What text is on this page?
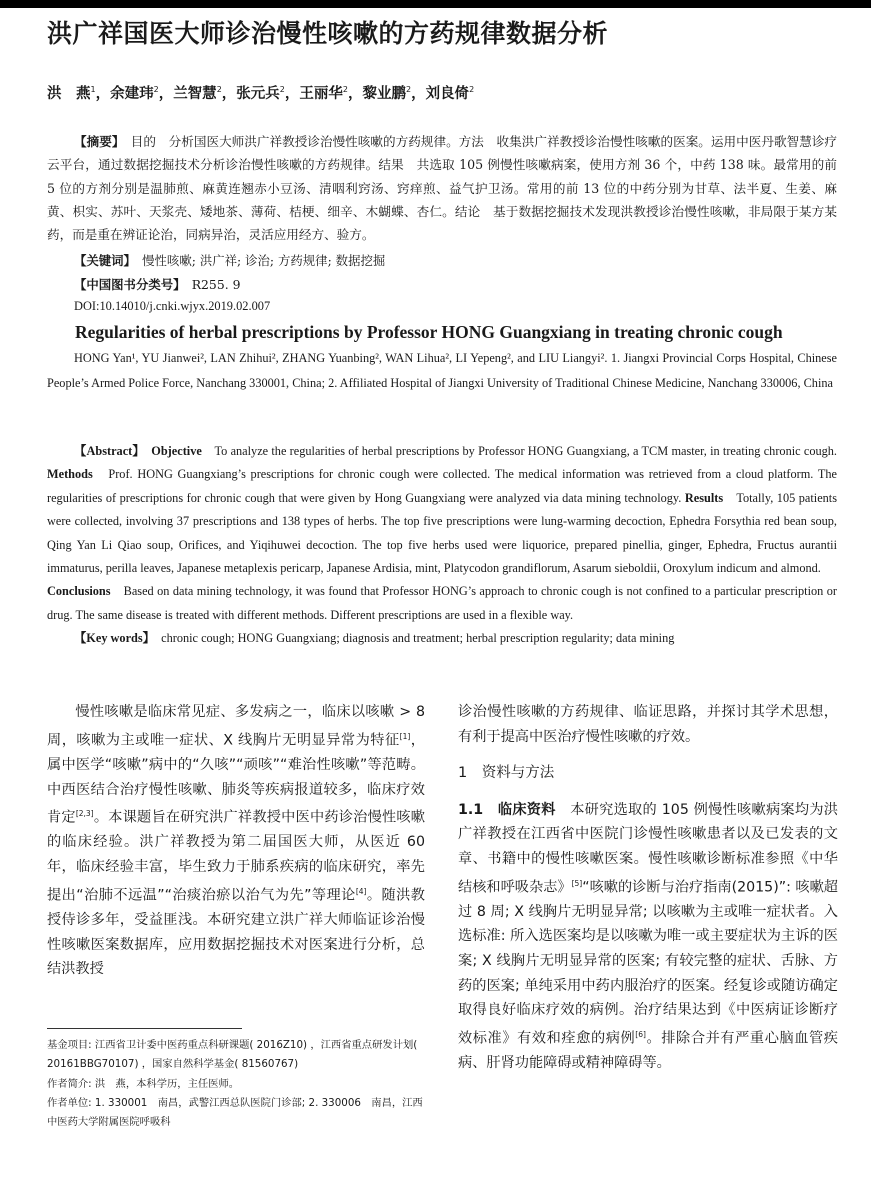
洪广祥国医大师诊治慢性咳嗽的方药规律数据分析
洪　燕$^1$，余建玮$^2$，兰智慧$^2$，张元兵$^2$，王丽华$^2$，黎业鹏$^2$，刘良倚$^2$
【摘要】　 目的　分析国医大师洪广祥教授诊治慢性咳嗽的方药规律。方法　收集洪广祥教授诊治慢性咳嗽的医案。运用中医丹歌智慧诊疗云平台，通过数据挖掘技术分析诊治慢性咳嗽的方药规律。结果　共选取 105 例慢性咳嗽病案，使用方剂 36 个，中药 138 味。最常用的前 5 位的方剂分别是温肺煎、麻黄连翘赤小豆汤、清咽利窍汤、窍痒煎、益气护卫汤。常用的前 13 位的中药分别为甘草、法半夏、生姜、麻黄、枳实、苏叶、天浆壳、矮地茶、薄荷、桔梗、细辛、木蝴蝶、杏仁。结论　基于数据挖掘技术发现洪教授诊治慢性咳嗽，非局限于某方某药，而是重在辨证论治，同病异治，灵活应用经方、验方。
【关键词】　 慢性咳嗽; 洪广祥; 诊治; 方药规律; 数据挖掘
【中国图书分类号】　 R255. 9
DOI:10.14010/j.cnki.wjyx.2019.02.007
Regularities of herbal prescriptions by Professor HONG Guangxiang in treating chronic cough
HONG Yan¹, YU Jianwei², LAN Zhihui², ZHANG Yuanbing², WAN Lihua², LI Yepeng², and LIU Liangyi². 1. Jiangxi Provincial Corps Hospital, Chinese People’s Armed Police Force, Nanchang 330001, China; 2. Affiliated Hospital of Jiangxi University of Traditional Chinese Medicine, Nanchang 330006, China
【Abstract】　 Objective　 To analyze the regularities of herbal prescriptions by Professor HONG Guangxiang, a TCM master, in treating chronic cough. Methods　 Prof. HONG Guangxiang’s prescriptions for chronic cough were collected. The medical information was retrieved from a cloud platform. The regularities of prescriptions for chronic cough that were given by Hong Guangxiang were analyzed via data mining technology. Results　 Totally, 105 patients were collected, involving 37 prescriptions and 138 types of herbs. The top five prescriptions were lung-warming decoction, Ephedra Forsythia red bean soup, Qing Yan Li Qiao soup, Orifices, and Yiqihuwei decoction. The top five herbs used were liquorice, prepared pinellia, ginger, Ephedra, Fructus aurantii immaturus, perilla leaves, Japanese metaplexis pericarp, Japanese Ardisia, mint, Platycodon grandiflorum, Asarum sieboldii, Oroxylum indicum and almond.
Conclusions　 Based on data mining technology, it was found that Professor HONG’s approach to chronic cough is not confined to a particular prescription or drug. The same disease is treated with different methods. Different prescriptions are used in a flexible way.
【Key words】　 chronic cough; HONG Guangxiang; diagnosis and treatment; herbal prescription regularity; data mining

慢性咳嗽是临床常见症、多发病之一，临床以咳嗽 > 8 周，咳嗽为主或唯一症状、X 线胸片无明显异常为特征[1]，属中医学“咳嗽”病中的“久咳”“顽咳”“难治性咳嗽”等范畴。中西医结合治疗慢性咳嗽、肺炎等疾病报道较多，临床疗效肯定[2,3]。本课题旨在研究洪广祥教授中医中药诊治慢性咳嗽的临床经验。洪广祥教授为第二届国医大师，从医近 60 年，临床经验丰富，毕生致力于肺系疾病的临床研究，率先提出“治肺不远温”“治痰治瘀以治气为先”等理论[4]。随洪教授侍诊多年，受益匪浅。本研究建立洪广祥大师临证诊治慢性咳嗽医案数据库，应用数据挖掘技术对医案进行分析，总结洪教授

基金项目: 江西省卫计委中医药重点科研课题( 2016Z10) ，江西省重点研发计划( 20161BBG70107) ，国家自然科学基金( 81560767)

作者简介: 洪　燕，本科学历，主任医师。

作者单位: 1. 330001　南昌，武警江西总队医院门诊部; 2. 330006　南昌，江西中医药大学附属医院呼吸科

诊治慢性咳嗽的方药规律、临证思路，并探讨其学术思想，有利于提高中医治疗慢性咳嗽的疗效。

1　资料与方法

1.1　临床资料　 本研究选取的 105 例慢性咳嗽病案均为洪广祥教授在江西省中医院门诊慢性咳嗽患者以及已发表的文章、书籍中的慢性咳嗽医案。慢性咳嗽诊断标准参照《中华结核和呼吸杂志》[5]“咳嗽的诊断与治疗指南(2015)”: 咳嗽超过 8 周; X 线胸片无明显异常; 以咳嗽为主或唯一症状者。入选标准: 所入选医案均是以咳嗽为唯一或主要症状为主诉的医案; X 线胸片无明显异常的医案; 有较完整的症状、舌脉、方药的医案; 单纯采用中药内服治疗的医案。经复诊或随访确定取得良好临床疗效的病例。治疗结果达到《中医病证诊断疗效标准》有效和痊愈的病例[6]。排除合并有严重心脑血管疾病、肝肾功能障碍或精神障碍等。
